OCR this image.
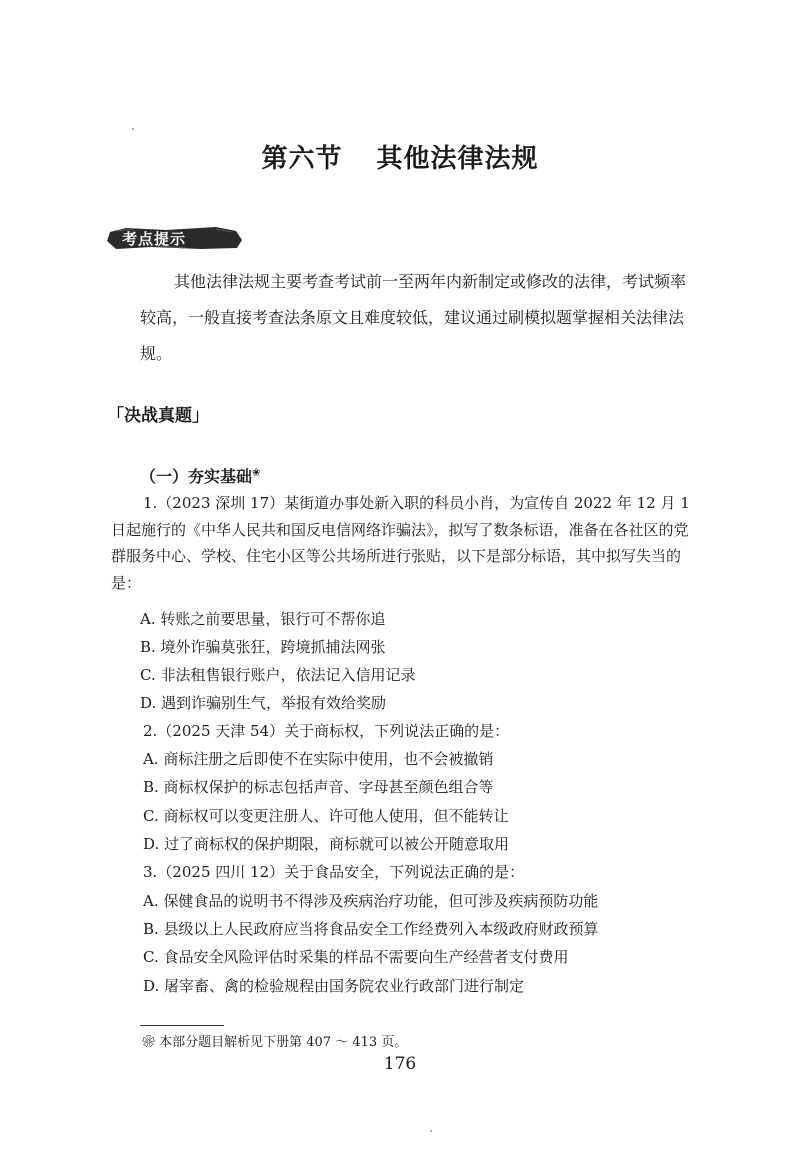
第六节 其他法律法规
考点提示
其他法律法规主要考查考试前一至两年内新制定或修改的法律，考试频率较高，一般直接考查法条原文且难度较低，建议通过刷模拟题掌握相关法律法规。
「决战真题」
（一）夯实基础❀
1.（2023 深圳 17）某街道办事处新入职的科员小肖，为宣传自 2022 年 12 月 1 日起施行的《中华人民共和国反电信网络诈骗法》，拟写了数条标语，准备在各社区的党群服务中心、学校、住宅小区等公共场所进行张贴，以下是部分标语，其中拟写失当的是：
A. 转账之前要思量，银行可不帮你追
B. 境外诈骗莫张狂，跨境抓捕法网张
C. 非法租售银行账户，依法记入信用记录
D. 遇到诈骗别生气，举报有效给奖励
2.（2025 天津 54）关于商标权，下列说法正确的是：
A. 商标注册之后即使不在实际中使用，也不会被撤销
B. 商标权保护的标志包括声音、字母甚至颜色组合等
C. 商标权可以变更注册人、许可他人使用，但不能转让
D. 过了商标权的保护期限，商标就可以被公开随意取用
3.（2025 四川 12）关于食品安全，下列说法正确的是：
A. 保健食品的说明书不得涉及疾病治疗功能，但可涉及疾病预防功能
B. 县级以上人民政府应当将食品安全工作经费列入本级政府财政预算
C. 食品安全风险评估时采集的样品不需要向生产经营者支付费用
D. 屠宰畜、禽的检验规程由国务院农业行政部门进行制定
❀ 本部分题目解析见下册第 407 ～ 413 页。
176
